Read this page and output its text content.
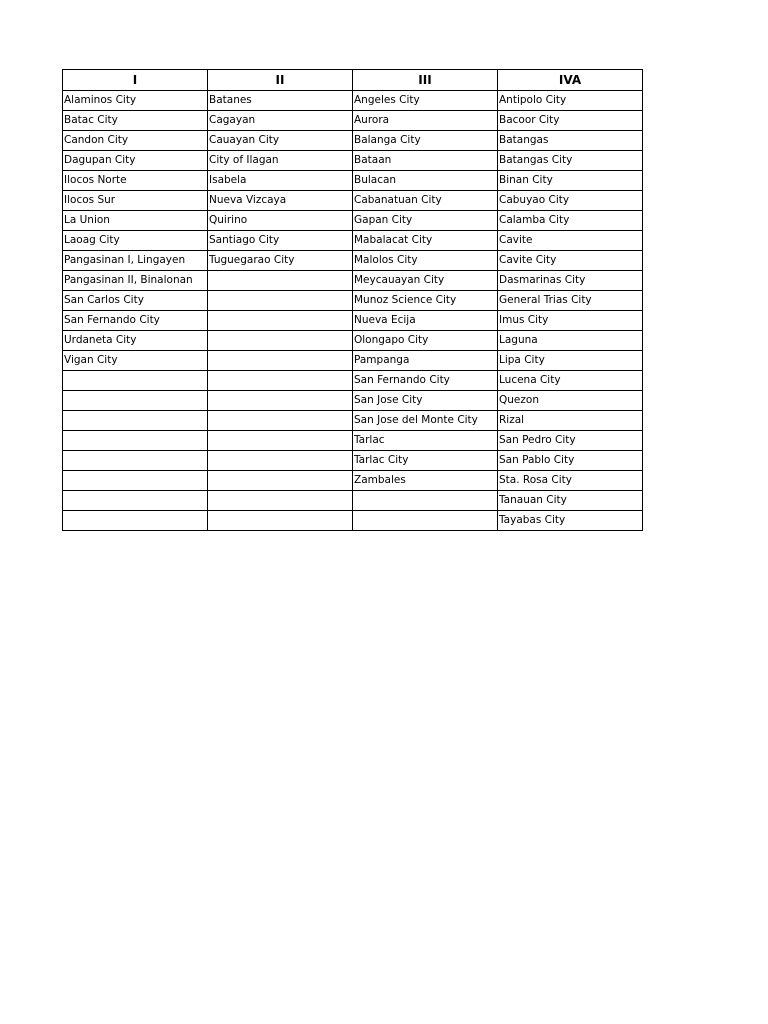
I	II	III	IVA
Alaminos City	Batanes	Angeles City	Antipolo City
Batac City	Cagayan	Aurora	Bacoor City
Candon City	Cauayan City	Balanga City	Batangas
Dagupan City	City of Ilagan	Bataan	Batangas City
Ilocos Norte	Isabela	Bulacan	Binan City
Ilocos Sur	Nueva Vizcaya	Cabanatuan City	Cabuyao City
La Union	Quirino	Gapan City	Calamba City
Laoag City	Santiago City	Mabalacat City	Cavite
Pangasinan I, Lingayen	Tuguegarao City	Malolos City	Cavite City
Pangasinan II, Binalonan		Meycauayan City	Dasmarinas City
San Carlos City		Munoz Science City	General Trias City
San Fernando City		Nueva Ecija	Imus City
Urdaneta City		Olongapo City	Laguna
Vigan City		Pampanga	Lipa City
		San Fernando City	Lucena City
		San Jose City	Quezon
		San Jose del Monte City	Rizal
		Tarlac	San Pedro City
		Tarlac City	San Pablo City
		Zambales	Sta. Rosa City
			Tanauan City
			Tayabas City
